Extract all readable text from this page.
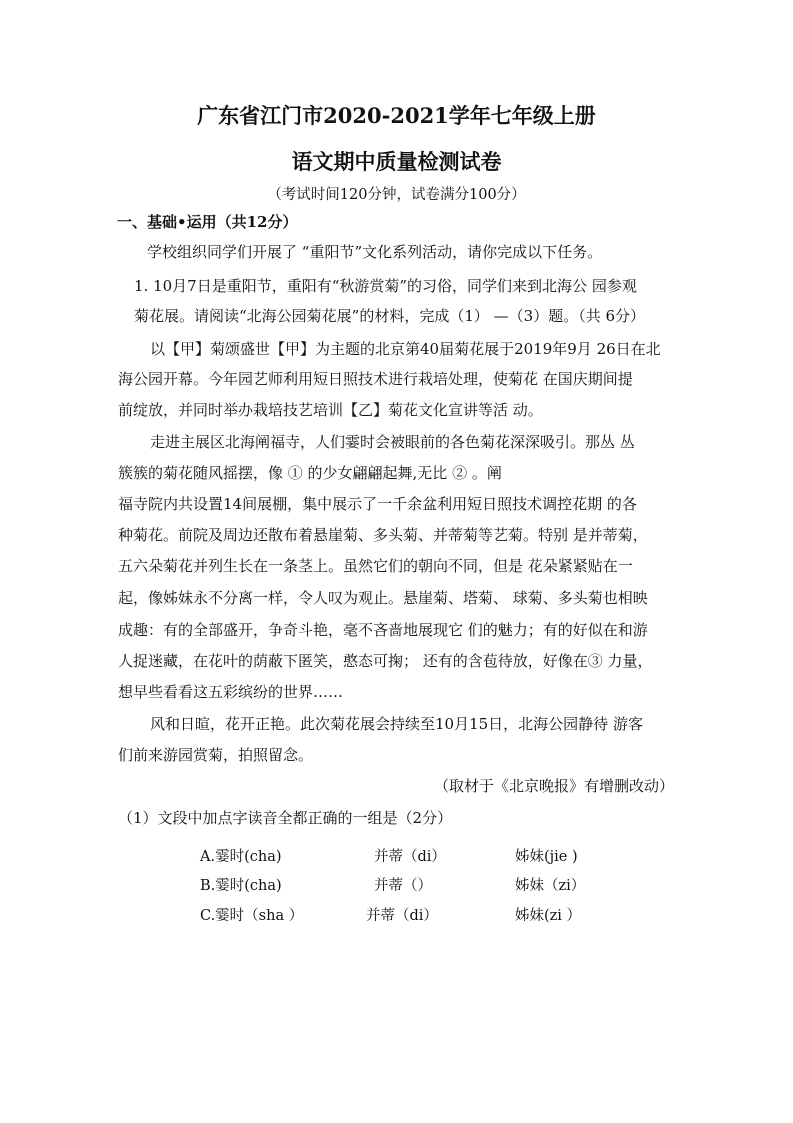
广东省江门市2020-2021学年七年级上册
语文期中质量检测试卷
（考试时间120分钟，试卷满分100分）
一、基础•运用（共12分）
学校组织同学们开展了 “重阳节”文化系列活动，请你完成以下任务。
1. 10月7日是重阳节，重阳有“秋游赏菊”的习俗，同学们来到北海公 园参观
菊花展。请阅读“北海公园菊花展”的材料，完成（1） —（3）题。（共 6分）
以【甲】菊颂盛世【甲】为主题的北京第40届菊花展于2019年9月 26日在北
海公园开幕。今年园艺师利用短日照技术进行栽培处理，使菊花 在国庆期间提
前绽放，并同时举办栽培技艺培训【乙】菊花文化宣讲等活 动。
走进主展区北海阐福寺，人们霎时会被眼前的各色菊花深深吸引。那丛 丛
簇簇的菊花随风摇摆，像 ① 的少女翩翩起舞,无比 ② 。阐
福寺院内共设置14间展棚，集中展示了一千余盆利用短日照技术调控花期 的各
种菊花。前院及周边还散布着悬崖菊、多头菊、并蒂菊等艺菊。特别 是并蒂菊，
五六朵菊花并列生长在一条茎上。虽然它们的朝向不同，但是 花朵紧紧贴在一
起，像姊妹永不分离一样，令人叹为观止。悬崖菊、塔菊、 球菊、多头菊也相映
成趣：有的全部盛开，争奇斗艳，毫不吝啬地展现它 们的魅力；有的好似在和游
人捉迷藏，在花叶的荫蔽下匿笑，憨态可掬； 还有的含苞待放，好像在③ 力量，
想早些看看这五彩缤纷的世界……
风和日暄，花开正艳。此次菊花展会持续至10月15日，北海公园静待 游客
们前来游园赏菊，拍照留念。
（取材于《北京晚报》有增删改动）
（1）文段中加点字读音全都正确的一组是（2分）
A.霎时(cha)	并蒂（di）	姊妹(jie )
B.霎时(cha)	并蒂（）	姊妹（zi）
C.霎时（sha ）	并蒂（di）	姊妹(zi ）
